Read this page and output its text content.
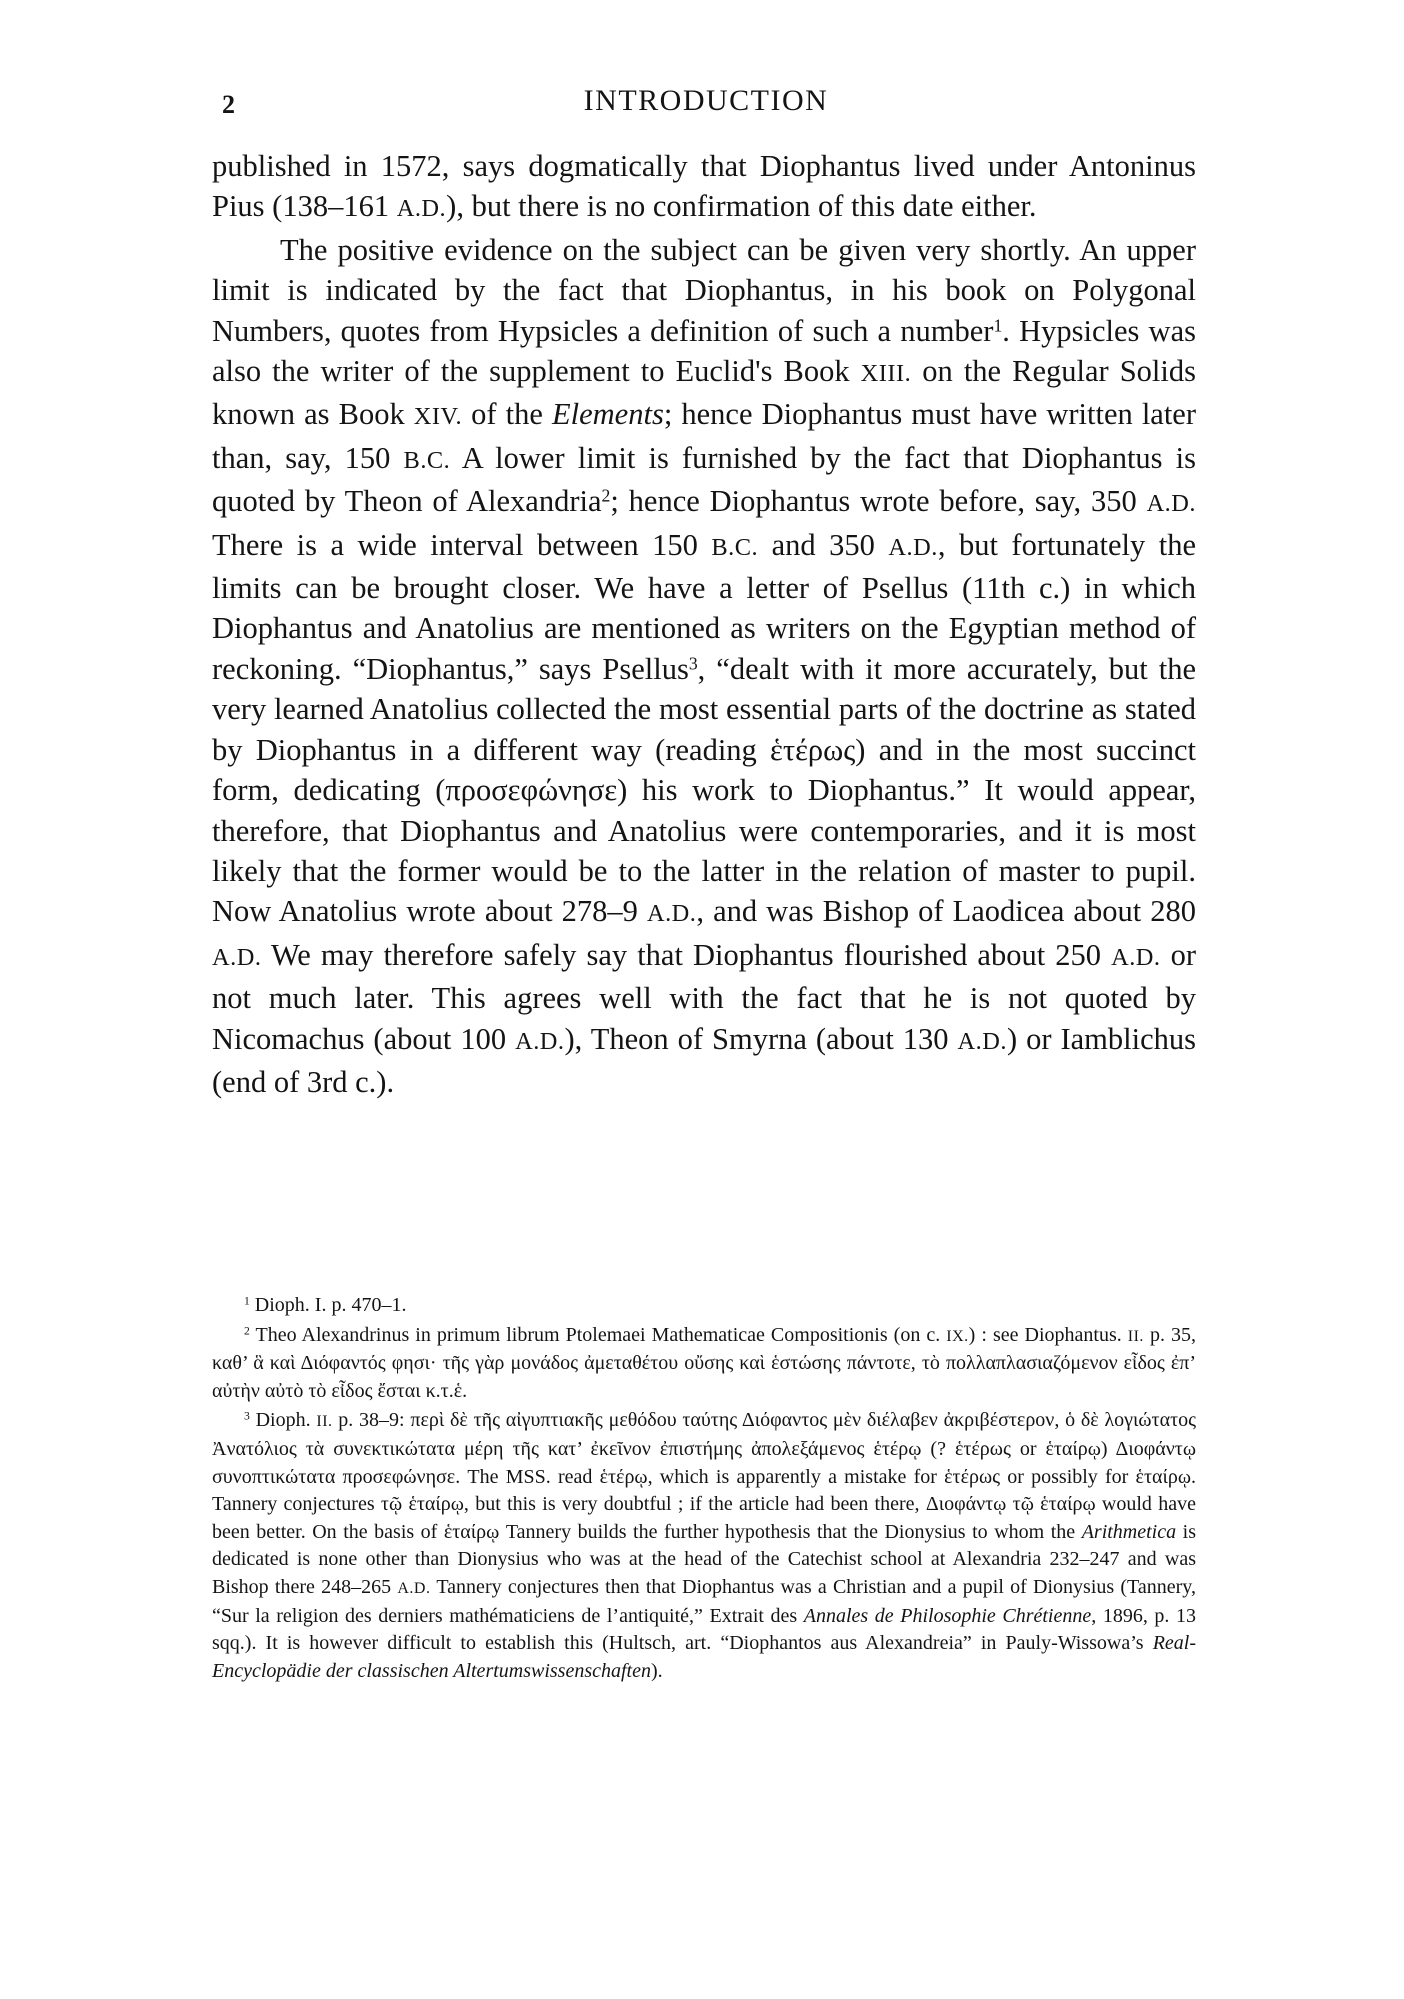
2	INTRODUCTION

published in 1572, says dogmatically that Diophantus lived under Antoninus Pius (138–161 A.D.), but there is no confirmation of this date either.

The positive evidence on the subject can be given very shortly. An upper limit is indicated by the fact that Diophantus, in his book on Polygonal Numbers, quotes from Hypsicles a definition of such a number$^1$. Hypsicles was also the writer of the supplement to Euclid's Book XIII. on the Regular Solids known as Book XIV. of the Elements; hence Diophantus must have written later than, say, 150 B.C. A lower limit is furnished by the fact that Diophantus is quoted by Theon of Alexandria$^2$; hence Diophantus wrote before, say, 350 A.D. There is a wide interval between 150 B.C. and 350 A.D., but fortunately the limits can be brought closer. We have a letter of Psellus (11th c.) in which Diophantus and Anatolius are mentioned as writers on the Egyptian method of reckoning. “Diophantus,” says Psellus$^3$, “dealt with it more accurately, but the very learned Anatolius collected the most essential parts of the doctrine as stated by Diophantus in a different way (reading ἑτέρως) and in the most succinct form, dedicating (προσεφώνησε) his work to Diophantus.” It would appear, therefore, that Diophantus and Anatolius were contemporaries, and it is most likely that the former would be to the latter in the relation of master to pupil. Now Anatolius wrote about 278–9 A.D., and was Bishop of Laodicea about 280 A.D. We may therefore safely say that Diophantus flourished about 250 A.D. or not much later. This agrees well with the fact that he is not quoted by Nicomachus (about 100 A.D.), Theon of Smyrna (about 130 A.D.) or Iamblichus (end of 3rd c.).

$^1$ Dioph. I. p. 470–1.

$^2$ Theo Alexandrinus in primum librum Ptolemaei Mathematicae Compositionis (on c. IX.) : see Diophantus. II. p. 35, καθ’ ἃ καὶ Διόφαντός φησι· τῆς γὰρ μονάδος ἀμεταθέτου οὔσης καὶ ἑστώσης πάντοτε, τὸ πολλαπλασιαζόμενον εἶδος ἐπ’ αὐτὴν αὐτὸ τὸ εἶδος ἔσται κ.τ.ἑ.

$^3$ Dioph. II. p. 38–9: περὶ δὲ τῆς αἰγυπτιακῆς μεθόδου ταύτης Διόφαντος μὲν διέλαβεν ἀκριβέστερον, ὁ δὲ λογιώτατος Ἀνατόλιος τὰ συνεκτικώτατα μέρη τῆς κατ’ ἐκεῖνον ἐπιστήμης ἀπολεξάμενος ἑτέρῳ (? ἑτέρως or ἑταίρῳ) Διοφάντῳ συνοπτικώτατα προσεφώνησε. The MSS. read ἑτέρῳ, which is apparently a mistake for ἑτέρως or possibly for ἑταίρῳ. Tannery conjectures τῷ ἑταίρῳ, but this is very doubtful ; if the article had been there, Διοφάντῳ τῷ ἑταίρῳ would have been better. On the basis of ἑταίρῳ Tannery builds the further hypothesis that the Dionysius to whom the Arithmetica is dedicated is none other than Dionysius who was at the head of the Catechist school at Alexandria 232–247 and was Bishop there 248–265 A.D. Tannery conjectures then that Diophantus was a Christian and a pupil of Dionysius (Tannery, “Sur la religion des derniers mathématiciens de l’antiquité,” Extrait des Annales de Philosophie Chrétienne, 1896, p. 13 sqq.). It is however difficult to establish this (Hultsch, art. “Diophantos aus Alexandreia” in Pauly-Wissowa’s Real-Encyclopädie der classischen Altertumswissenschaften).
